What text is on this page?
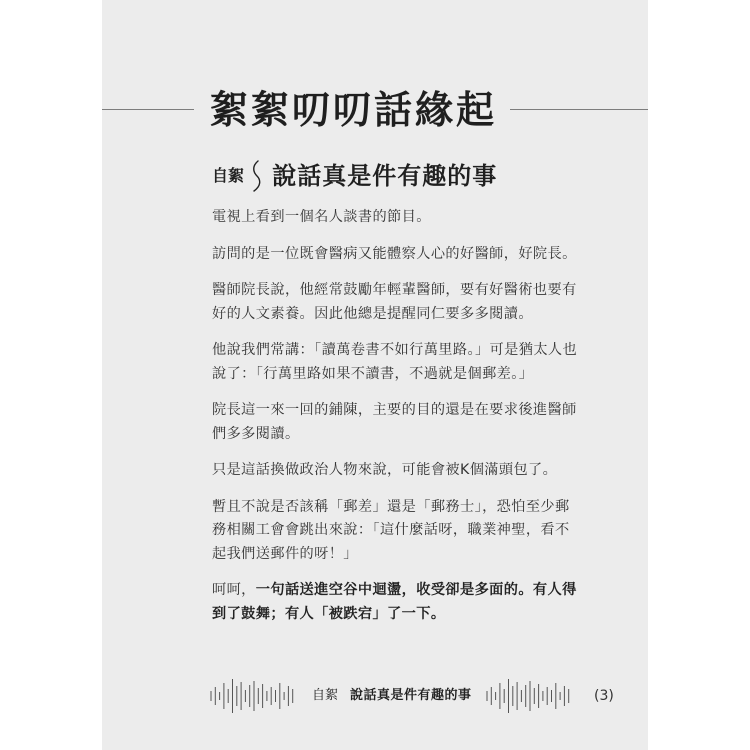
絮絮叨叨話緣起
自絮 說話真是件有趣的事

電視上看到一個名人談書的節目。

訪問的是一位既會醫病又能體察人心的好醫師，好院長。

醫師院長說，他經常鼓勵年輕輩醫師，要有好醫術也要有好的人文素養。因此他總是提醒同仁要多多閱讀。

他說我們常講：「讀萬卷書不如行萬里路。」可是猶太人也說了：「行萬里路如果不讀書，不過就是個郵差。」

院長這一來一回的鋪陳，主要的目的還是在要求後進醫師們多多閱讀。

只是這話換做政治人物來說，可能會被K個滿頭包了。

暫且不說是否該稱「郵差」還是「郵務士」，恐怕至少郵務相關工會會跳出來說：「這什麼話呀，職業神聖，看不起我們送郵件的呀！」

呵呵，一句話送進空谷中迴盪，收受卻是多面的。有人得到了鼓舞；有人「被跌宕」了一下。

自絮 說話真是件有趣的事	(3)
